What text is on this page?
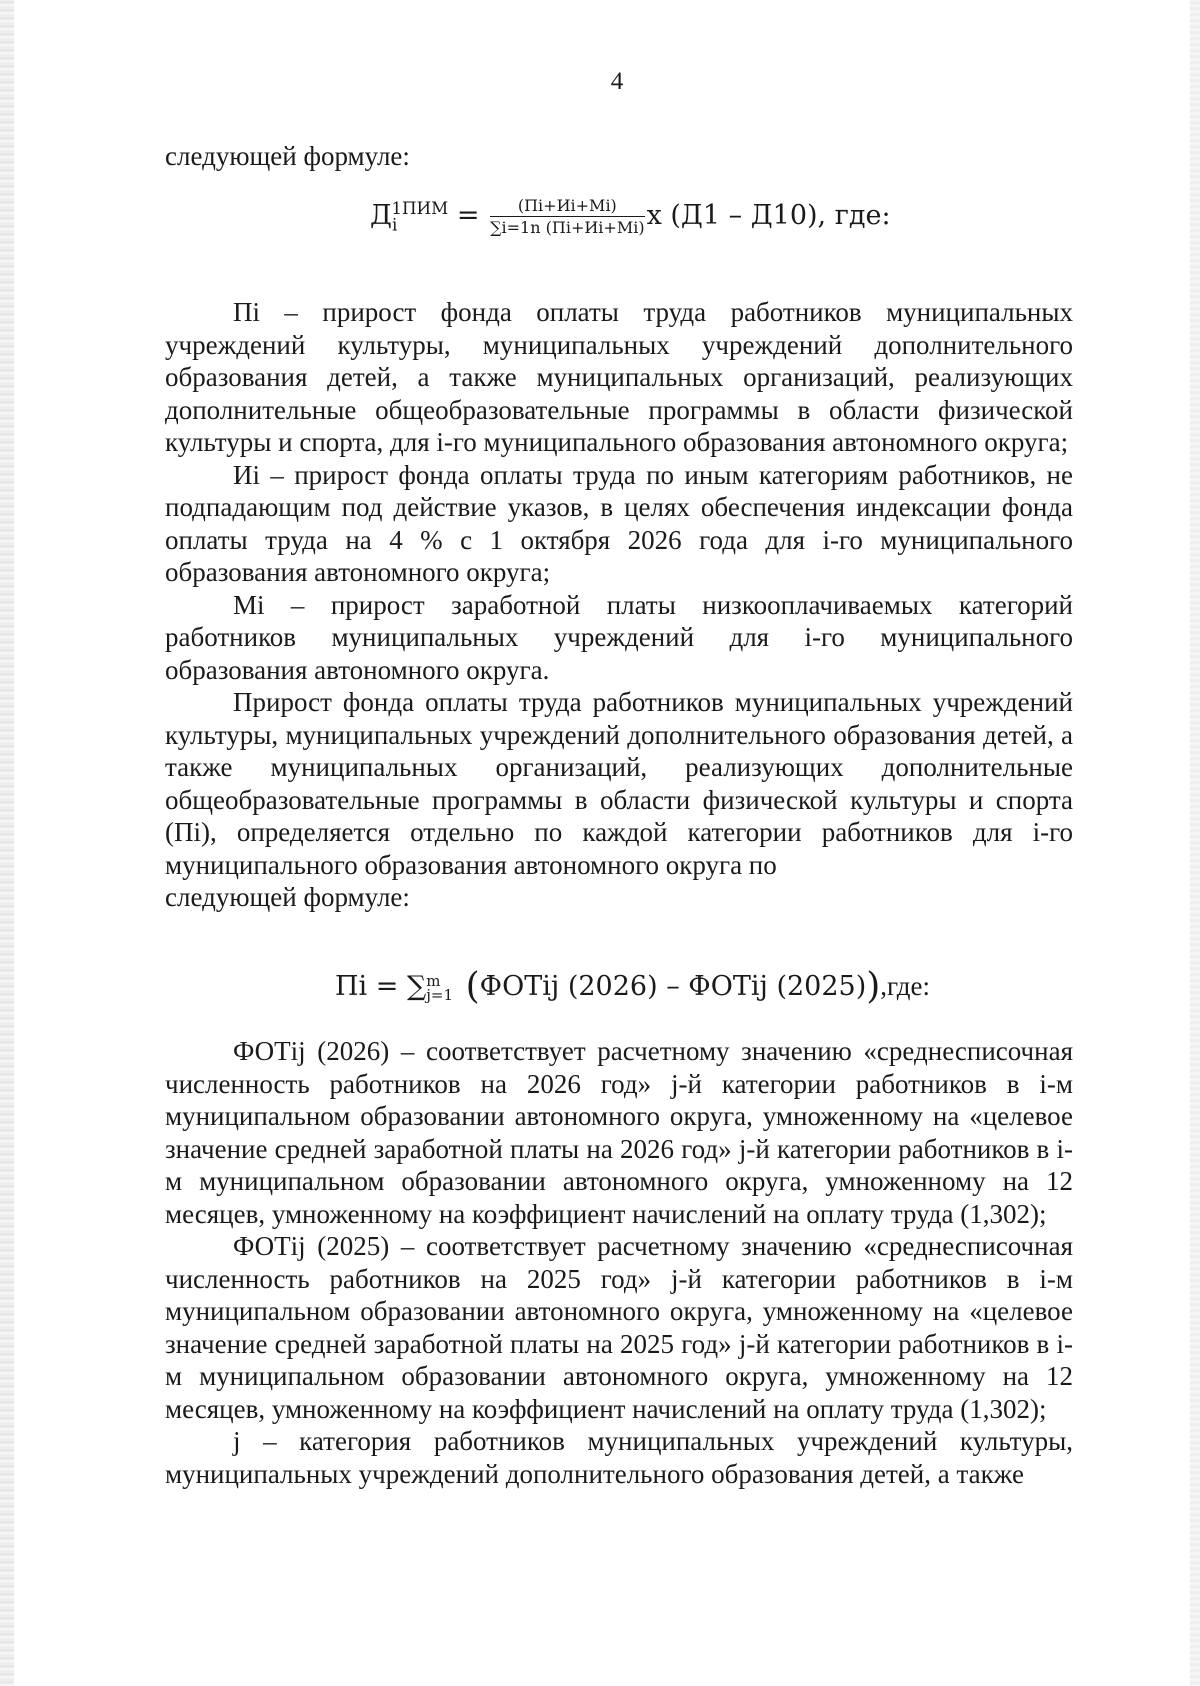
4

следующей формуле:

$Д_i^{1ПИМ} = \frac{(Пi+Иi+Мi)}{\sum i=1n (Пi+Иi+Мi)}$ х (Д1 – Д10), где:

Пi – прирост фонда оплаты труда работников муниципальных учреждений культуры, муниципальных учреждений дополнительного образования детей, а также муниципальных организаций, реализующих дополнительные общеобразовательные программы в области физической культуры и спорта, для i-го муниципального образования автономного округа;

Иi – прирост фонда оплаты труда по иным категориям работников, не подпадающим под действие указов, в целях обеспечения индексации фонда оплаты труда на 4 % с 1 октября 2026 года для i-го муниципального образования автономного округа;

Мi – прирост заработной платы низкооплачиваемых категорий работников муниципальных учреждений для i-го муниципального образования автономного округа.

Прирост фонда оплаты труда работников муниципальных учреждений культуры, муниципальных учреждений дополнительного образования детей, а также муниципальных организаций, реализующих дополнительные общеобразовательные программы в области физической культуры и спорта (Пi), определяется отдельно по каждой категории работников для i-го муниципального образования автономного округа по

следующей формуле:

Пi = ∑ m
j=1 (ФОТij (2026) – ФОТij (2025)),где:

ФОТij (2026) – соответствует расчетному значению «среднесписочная численность работников на 2026 год» j-й категории работников в i-м муниципальном образовании автономного округа, умноженному на «целевое значение средней заработной платы на 2026 год» j-й категории работников в i-м муниципальном образовании автономного округа, умноженному на 12 месяцев, умноженному на коэффициент начислений на оплату труда (1,302);

ФОТij (2025) – соответствует расчетному значению «среднесписочная численность работников на 2025 год» j-й категории работников в i-м муниципальном образовании автономного округа, умноженному на «целевое значение средней заработной платы на 2025 год» j-й категории работников в i-м муниципальном образовании автономного округа, умноженному на 12 месяцев, умноженному на коэффициент начислений на оплату труда (1,302);

j – категория работников муниципальных учреждений культуры, муниципальных учреждений дополнительного образования детей, а также
